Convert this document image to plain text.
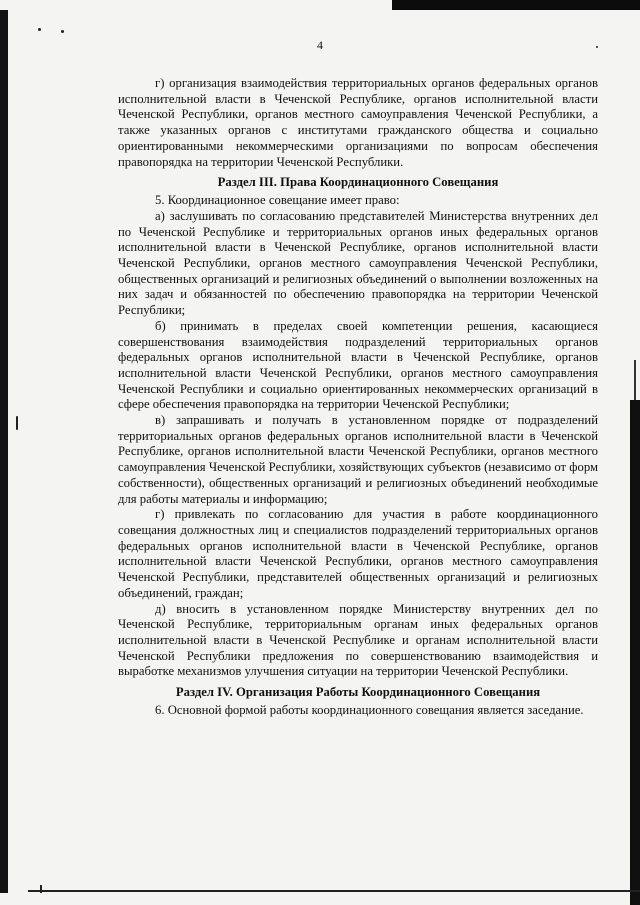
4

г) организация взаимодействия территориальных органов федеральных органов исполнительной власти в Чеченской Республике, органов исполнительной власти Чеченской Республики, органов местного самоуправления Чеченской Республики, а также указанных органов с институтами гражданского общества и социально ориентированными некоммерческими организациями по вопросам обеспечения правопорядка на территории Чеченской Республики.

Раздел III. Права Координационного Совещания

5. Координационное совещание имеет право:

а) заслушивать по согласованию представителей Министерства внутренних дел по Чеченской Республике и территориальных органов иных федеральных органов исполнительной власти в Чеченской Республике, органов исполнительной власти Чеченской Республики, органов местного самоуправления Чеченской Республики, общественных организаций и религиозных объединений о выполнении возложенных на них задач и обязанностей по обеспечению правопорядка на территории Чеченской Республики;

б) принимать в пределах своей компетенции решения, касающиеся совершенствования взаимодействия подразделений территориальных органов федеральных органов исполнительной власти в Чеченской Республике, органов исполнительной власти Чеченской Республики, органов местного самоуправления Чеченской Республики и социально ориентированных некоммерческих организаций в сфере обеспечения правопорядка на территории Чеченской Республики;

в) запрашивать и получать в установленном порядке от подразделений территориальных органов федеральных органов исполнительной власти в Чеченской Республике, органов исполнительной власти Чеченской Республики, органов местного самоуправления Чеченской Республики, хозяйствующих субъектов (независимо от форм собственности), общественных организаций и религиозных объединений необходимые для работы материалы и информацию;

г) привлекать по согласованию для участия в работе координационного совещания должностных лиц и специалистов подразделений территориальных органов федеральных органов исполнительной власти в Чеченской Республике, органов исполнительной власти Чеченской Республики, органов местного самоуправления Чеченской Республики, представителей общественных организаций и религиозных объединений, граждан;

д) вносить в установленном порядке Министерству внутренних дел по Чеченской Республике, территориальным органам иных федеральных органов исполнительной власти в Чеченской Республике и органам исполнительной власти Чеченской Республики предложения по совершенствованию взаимодействия и выработке механизмов улучшения ситуации на территории Чеченской Республики.

Раздел IV. Организация Работы Координационного Совещания

6. Основной формой работы координационного совещания является заседание.
